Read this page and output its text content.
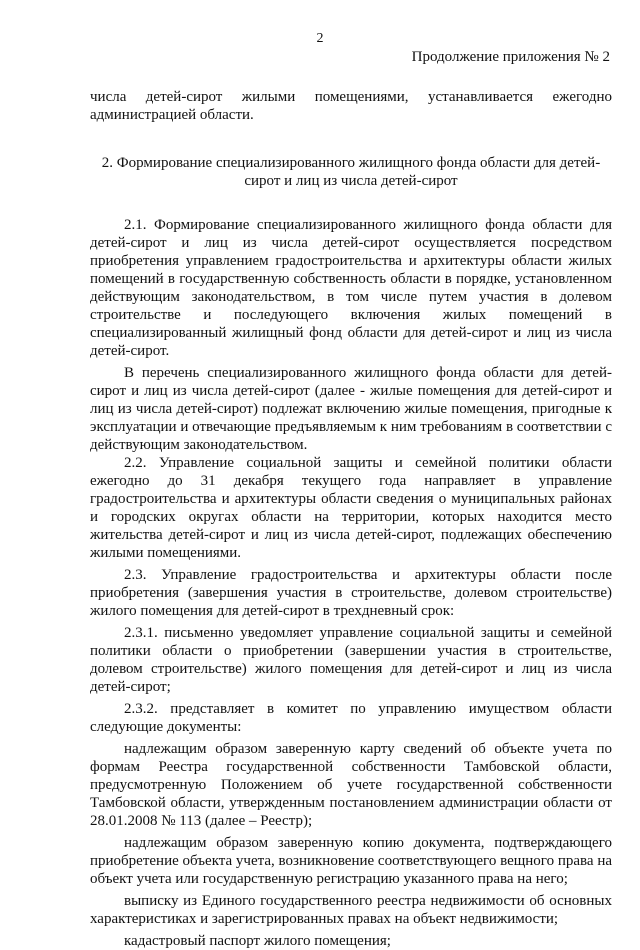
2
Продолжение приложения № 2

числа детей-сирот жилыми помещениями, устанавливается ежегодно администрацией области.

2. Формирование специализированного жилищного фонда области для детей-сирот и лиц из числа детей-сирот

2.1. Формирование специализированного жилищного фонда области для детей-сирот и лиц из числа детей-сирот осуществляется посредством приобретения управлением градостроительства и архитектуры области жилых помещений в государственную собственность области в порядке, установленном действующим законодательством, в том числе путем участия в долевом строительстве и последующего включения жилых помещений в специализированный жилищный фонд области для детей-сирот и лиц из числа детей-сирот.

В перечень специализированного жилищного фонда области для детей-сирот и лиц из числа детей-сирот (далее - жилые помещения для детей-сирот и лиц из числа детей-сирот) подлежат включению жилые помещения, пригодные к эксплуатации и отвечающие предъявляемым к ним требованиям в соответствии с действующим законодательством.

2.2. Управление социальной защиты и семейной политики области ежегодно до 31 декабря текущего года направляет в управление градостроительства и архитектуры области сведения о муниципальных районах и городских округах области на территории, которых находится место жительства детей-сирот и лиц из числа детей-сирот, подлежащих обеспечению жилыми помещениями.

2.3. Управление градостроительства и архитектуры области после приобретения (завершения участия в строительстве, долевом строительстве) жилого помещения для детей-сирот в трехдневный срок:

2.3.1. письменно уведомляет управление социальной защиты и семейной политики области о приобретении (завершении участия в строительстве, долевом строительстве) жилого помещения для детей-сирот и лиц из числа детей-сирот;

2.3.2. представляет в комитет по управлению имуществом области следующие документы:

надлежащим образом заверенную карту сведений об объекте учета по формам Реестра государственной собственности Тамбовской области, предусмотренную Положением об учете государственной собственности Тамбовской области, утвержденным постановлением администрации области от 28.01.2008 № 113 (далее – Реестр);

надлежащим образом заверенную копию документа, подтверждающего приобретение объекта учета, возникновение соответствующего вещного права на объект учета или государственную регистрацию указанного права на него;

выписку из Единого государственного реестра недвижимости об основных характеристиках и зарегистрированных правах на объект недвижимости;

кадастровый паспорт жилого помещения;
